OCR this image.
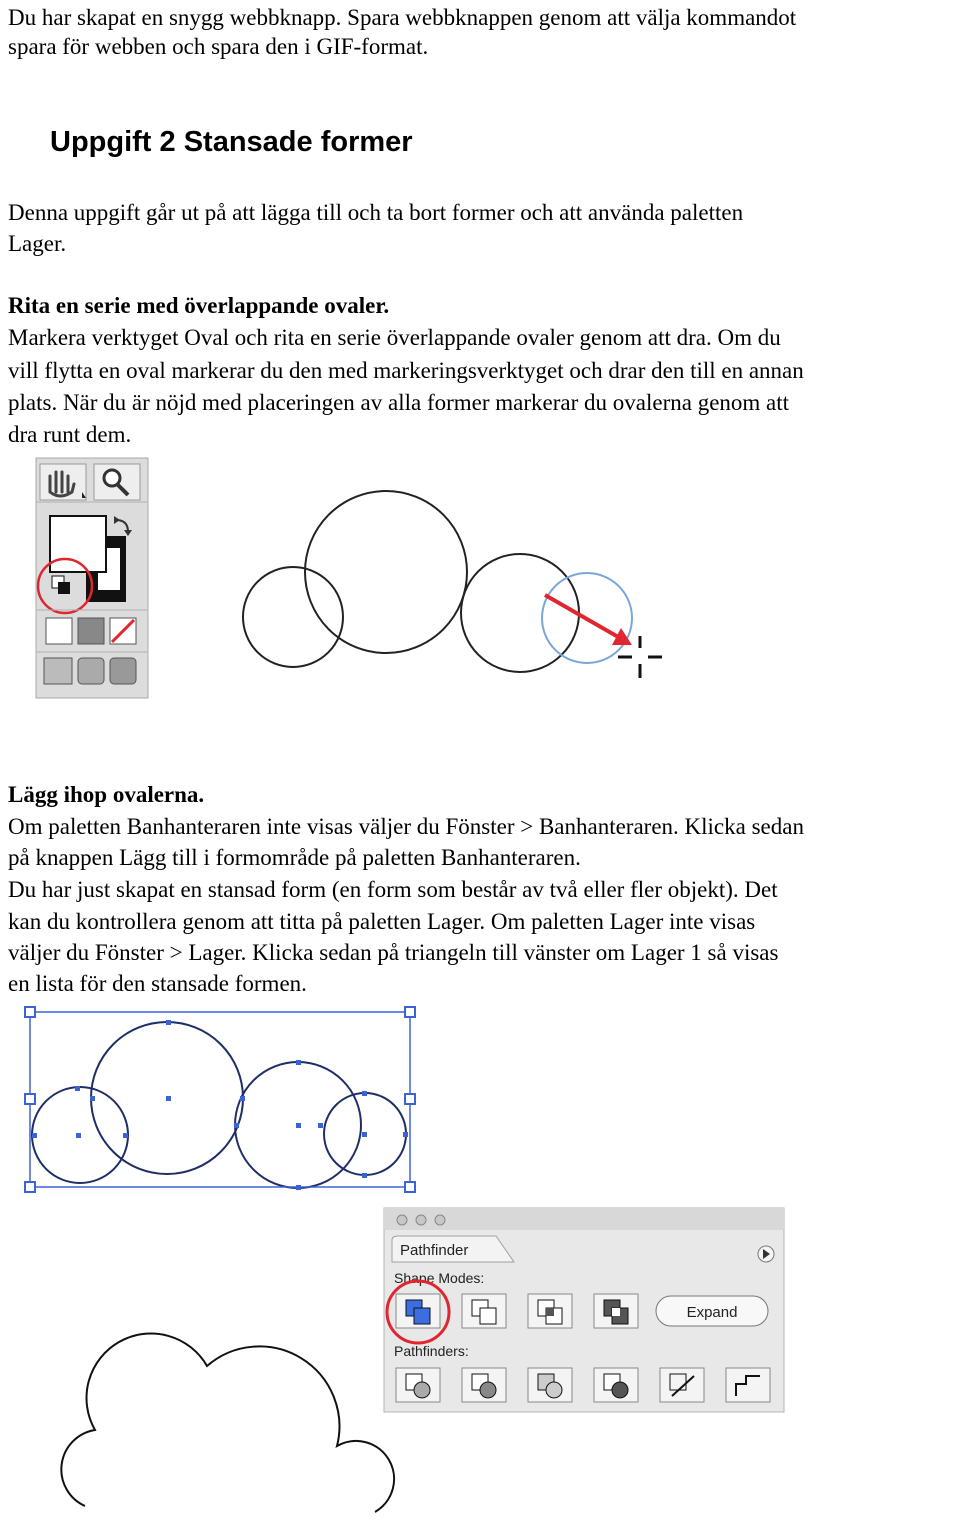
Du har skapat en snygg webbknapp. Spara webbknappen genom att välja kommandot

spara för webben och spara den i GIF-format.

Uppgift 2 Stansade former

Denna uppgift går ut på att lägga till och ta bort former och att använda paletten

Lager.

Rita en serie med överlappande ovaler.

Markera verktyget Oval och rita en serie överlappande ovaler genom att dra. Om du

vill flytta en oval markerar du den med markeringsverktyget och drar den till en annan

plats. När du är nöjd med placeringen av alla former markerar du ovalerna genom att

dra runt dem.

Lägg ihop ovalerna.

Om paletten Banhanteraren inte visas väljer du Fönster > Banhanteraren. Klicka sedan

på knappen Lägg till i formområde på paletten Banhanteraren.

Du har just skapat en stansad form (en form som består av två eller fler objekt). Det

kan du kontrollera genom att titta på paletten Lager. Om paletten Lager inte visas

väljer du Fönster > Lager. Klicka sedan på triangeln till vänster om Lager 1 så visas

en lista för den stansade formen.

Pathfinder
Shape Modes:
Expand
Pathfinders:
